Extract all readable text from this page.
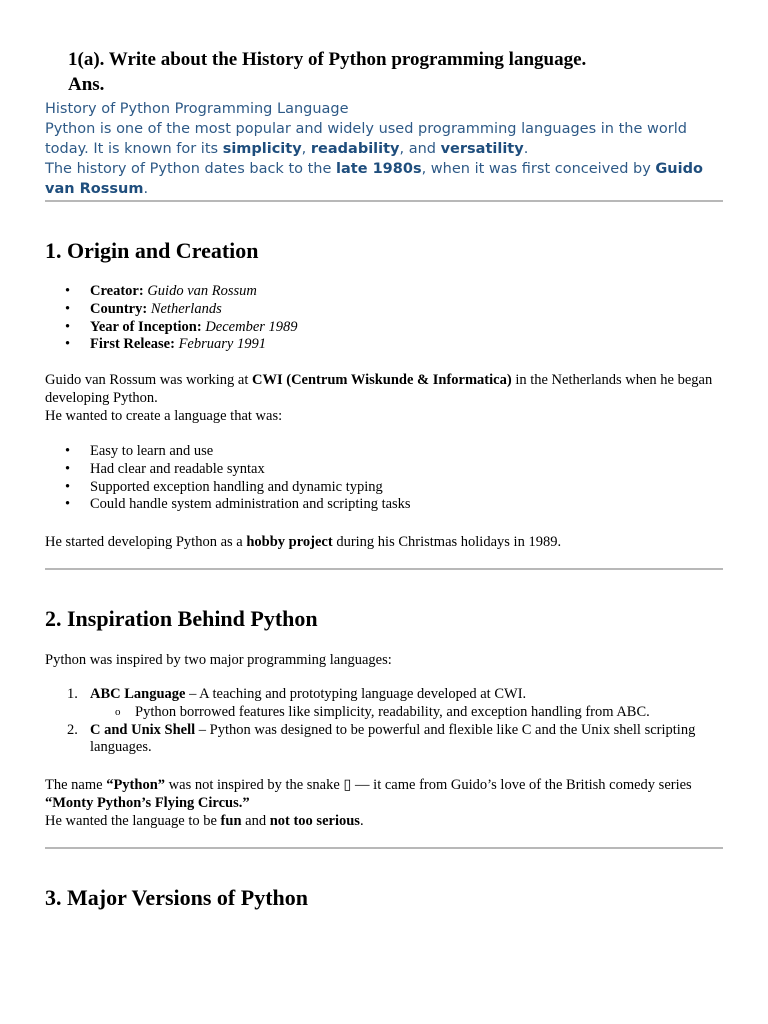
1(a). Write about the History of Python programming language.
Ans.
History of Python Programming Language
Python is one of the most popular and widely used programming languages in the world today. It is known for its simplicity, readability, and versatility.
The history of Python dates back to the late 1980s, when it was first conceived by Guido van Rossum.
1. Origin and Creation
• Creator: Guido van Rossum
• Country: Netherlands
• Year of Inception: December 1989
• First Release: February 1991

Guido van Rossum was working at CWI (Centrum Wiskunde & Informatica) in the Netherlands when he began developing Python.
He wanted to create a language that was:

• Easy to learn and use
• Had clear and readable syntax
• Supported exception handling and dynamic typing
• Could handle system administration and scripting tasks

He started developing Python as a hobby project during his Christmas holidays in 1989.

2. Inspiration Behind Python

Python was inspired by two major programming languages:

1. ABC Language – A teaching and prototyping language developed at CWI.
o Python borrowed features like simplicity, readability, and exception handling from ABC.
2. C and Unix Shell – Python was designed to be powerful and flexible like C and the Unix shell scripting languages.

The name “Python” was not inspired by the snake ▯ — it came from Guido’s love of the British comedy series
“Monty Python’s Flying Circus.”
He wanted the language to be fun and not too serious.

3. Major Versions of Python
